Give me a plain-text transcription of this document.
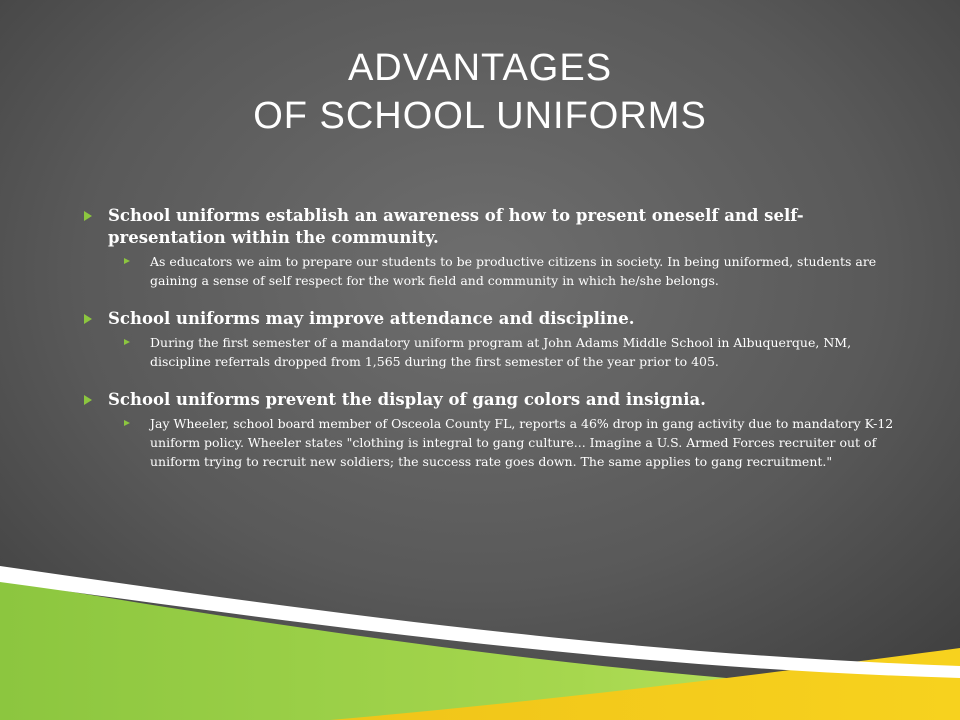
ADVANTAGES
OF SCHOOL UNIFORMS
School uniforms establish an awareness of how to present oneself and self-presentation within the community.
As educators we aim to prepare our students to be productive citizens in society. In being uniformed, students are gaining a sense of self respect for the work field and community in which he/she belongs.
School uniforms may improve attendance and discipline.
During the first semester of a mandatory uniform program at John Adams Middle School in Albuquerque, NM, discipline referrals dropped from 1,565 during the first semester of the year prior to 405.
School uniforms prevent the display of gang colors and insignia.
Jay Wheeler, school board member of Osceola County FL, reports a 46% drop in gang activity due to mandatory K-12 uniform policy. Wheeler states "clothing is integral to gang culture... Imagine a U.S. Armed Forces recruiter out of uniform trying to recruit new soldiers; the success rate goes down. The same applies to gang recruitment."
